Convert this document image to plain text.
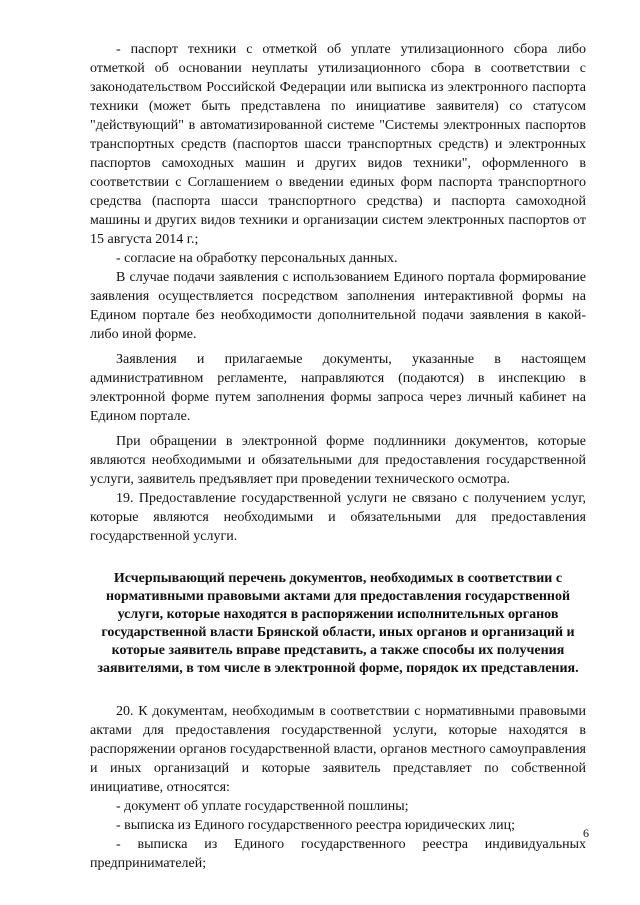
- паспорт техники с отметкой об уплате утилизационного сбора либо отметкой об основании неуплаты утилизационного сбора в соответствии с законодательством Российской Федерации или выписка из электронного паспорта техники (может быть представлена по инициативе заявителя) со статусом "действующий" в автоматизированной системе "Системы электронных паспортов транспортных средств (паспортов шасси транспортных средств) и электронных паспортов самоходных машин и других видов техники", оформленного в соответствии с Соглашением о введении единых форм паспорта транспортного средства (паспорта шасси транспортного средства) и паспорта самоходной машины и других видов техники и организации систем электронных паспортов от 15 августа 2014 г.;

- согласие на обработку персональных данных.

В случае подачи заявления с использованием Единого портала формирование заявления осуществляется посредством заполнения интерактивной формы на Едином портале без необходимости дополнительной подачи заявления в какой-либо иной форме.

Заявления и прилагаемые документы, указанные в настоящем административном регламенте, направляются (подаются) в инспекцию в электронной форме путем заполнения формы запроса через личный кабинет на Едином портале.

При обращении в электронной форме подлинники документов, которые являются необходимыми и обязательными для предоставления государственной услуги, заявитель предъявляет при проведении технического осмотра.

19. Предоставление государственной услуги не связано с получением услуг, которые являются необходимыми и обязательными для предоставления государственной услуги.

Исчерпывающий перечень документов, необходимых в соответствии с нормативными правовыми актами для предоставления государственной услуги, которые находятся в распоряжении исполнительных органов государственной власти Брянской области, иных органов и организаций и которые заявитель вправе представить, а также способы их получения заявителями, в том числе в электронной форме, порядок их представления.

20. К документам, необходимым в соответствии с нормативными правовыми актами для предоставления государственной услуги, которые находятся в распоряжении органов государственной власти, органов местного самоуправления и иных организаций и которые заявитель представляет по собственной инициативе, относятся:

- документ об уплате государственной пошлины;

- выписка из Единого государственного реестра юридических лиц;

- выписка из Единого государственного реестра индивидуальных предпринимателей;

6
